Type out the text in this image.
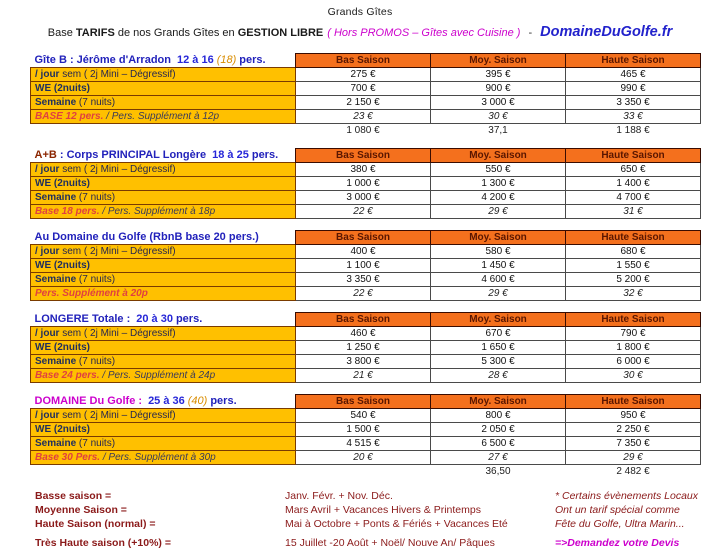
Grands Gîtes
Base TARIFS de nos Grands Gîtes en GESTION LIBRE ( Hors PROMOS – Gîtes avec Cuisine ) - DomaineDuGolfe.fr
Gîte B : Jérôme d'Arradon 12 à 16 (18) pers.	Bas Saison	Moy. Saison	Haute Saison
/ jour sem ( 2j Mini – Dégressif)	275 €	395 €	465 €
WE (2nuits)	700 €	900 €	990 €
Semaine (7 nuits)	2 150 €	3 000 €	3 350 €
BASE 12 pers. / Pers. Supplément à 12p	23 €	30 €	33 €
	1 080 €	37,1	1 188 €
A+B : Corps PRINCIPAL Longère 18 à 25 pers.	Bas Saison	Moy. Saison	Haute Saison
/ jour sem ( 2j Mini – Dégressif)	380 €	550 €	650 €
WE (2nuits)	1 000 €	1 300 €	1 400 €
Semaine (7 nuits)	3 000 €	4 200 €	4 700 €
Base 18 pers. / Pers. Supplément à 18p	22 €	29 €	31 €
Au Domaine du Golfe (RbnB base 20 pers.)	Bas Saison	Moy. Saison	Haute Saison
/ jour sem ( 2j Mini – Dégressif)	400 €	580 €	680 €
WE (2nuits)	1 100 €	1 450 €	1 550 €
Semaine (7 nuits)	3 350 €	4 600 €	5 200 €
Pers. Supplément à 20p	22 €	29 €	32 €
LONGERE Totale : 20 à 30 pers.	Bas Saison	Moy. Saison	Haute Saison
/ jour sem ( 2j Mini – Dégressif)	460 €	670 €	790 €
WE (2nuits)	1 250 €	1 650 €	1 800 €
Semaine (7 nuits)	3 800 €	5 300 €	6 000 €
Base 24 pers. / Pers. Supplément à 24p	21 €	28 €	30 €
DOMAINE Du Golfe : 25 à 36 (40) pers.	Bas Saison	Moy. Saison	Haute Saison
/ jour sem ( 2j Mini – Dégressif)	540 €	800 €	950 €
WE (2nuits)	1 500 €	2 050 €	2 250 €
Semaine (7 nuits)	4 515 €	6 500 €	7 350 €
Base 30 Pers. / Pers. Supplément à 30p	20 €	27 €	29 €
		36,50	2 482 €
Basse saison =	Janv. Févr. + Nov. Déc.	* Certains évènements Locaux
Moyenne Saison =	Mars Avril + Vacances Hivers & Printemps	Ont un tarif spécial comme
Haute Saison (normal) =	Mai à Octobre + Ponts & Fériés + Vacances Eté	Fête du Golfe, Ultra Marin...
Très Haute saison (+10%) =	15 Juillet -20 Août + Noël/ Nouve An/ Pâques	=>Demandez votre Devis
